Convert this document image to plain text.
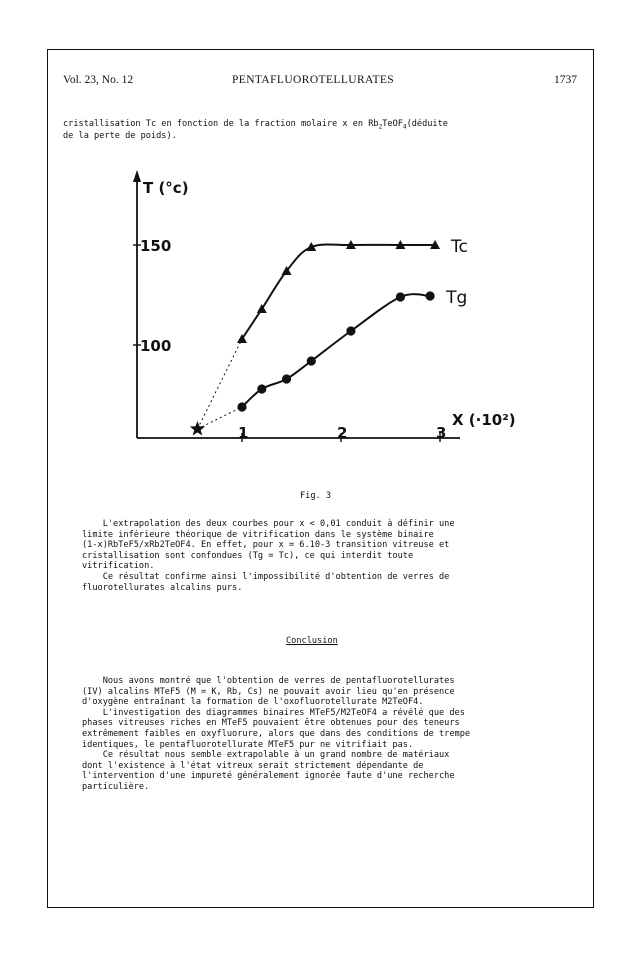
Vol. 23, No. 12	PENTAFLUOROTELLURATES	1737
cristallisation Tc en fonction de la fraction molaire x en $Rb_2TeOF_4(déduite$
de la perte de poids).
100
150
1	2	3
T (°c)
X (·10²)
Tc
Tg
Fig. 3
L'extrapolation des deux courbes pour x < 0,01 conduit à définir une
limite inférieure théorique de vitrification dans le système binaire
(1-x)RbTeF5/xRb2TeOF4. En effet, pour x = 6.10-3 transition vitreuse et
cristallisation sont confondues (Tg = Tc), ce qui interdit toute
vitrification.
Ce résultat confirme ainsi l'impossibilité d'obtention de verres de
fluorotellurates alcalins purs.
Conclusion
Nous avons montré que l'obtention de verres de pentafluorotellurates
(IV) alcalins MTeF5 (M = K, Rb, Cs) ne pouvait avoir lieu qu'en présence
d'oxygène entraînant la formation de l'oxofluorotellurate M2TeOF4.
L'investigation des diagrammes binaires MTeF5/M2TeOF4 a révélé que des
phases vitreuses riches en MTeF5 pouvaient être obtenues pour des teneurs
extrêmement faibles en oxyfluorure, alors que dans des conditions de trempe
identiques, le pentafluorotellurate MTeF5 pur ne vitrifiait pas.
Ce résultat nous semble extrapolable à un grand nombre de matériaux
dont l'existence à l'état vitreux serait strictement dépendante de
l'intervention d'une impureté généralement ignorée faute d'une recherche
particulière.
